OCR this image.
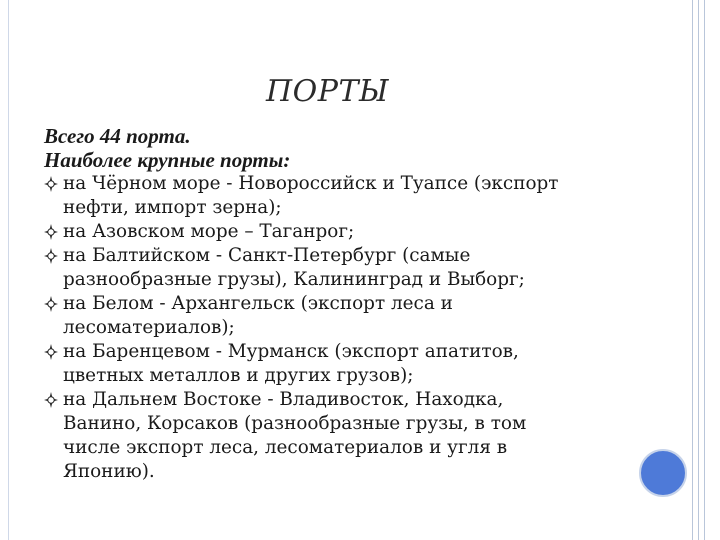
ПОРТЫ
Всего 44 порта.
Наиболее крупные порты:
на Чёрном море - Новороссийск и Туапсе (экспорт
нефти, импорт зерна);
на Азовском море – Таганрог;
на Балтийском - Санкт-Петербург (самые
разнообразные грузы), Калининград и Выборг;
на Белом - Архангельск (экспорт леса и
лесоматериалов);
на Баренцевом - Мурманск (экспорт апатитов,
цветных металлов и других грузов);
на Дальнем Востоке - Владивосток, Находка,
Ванино, Корсаков (разнообразные грузы, в том
числе экспорт леса, лесоматериалов и угля в
Японию).
